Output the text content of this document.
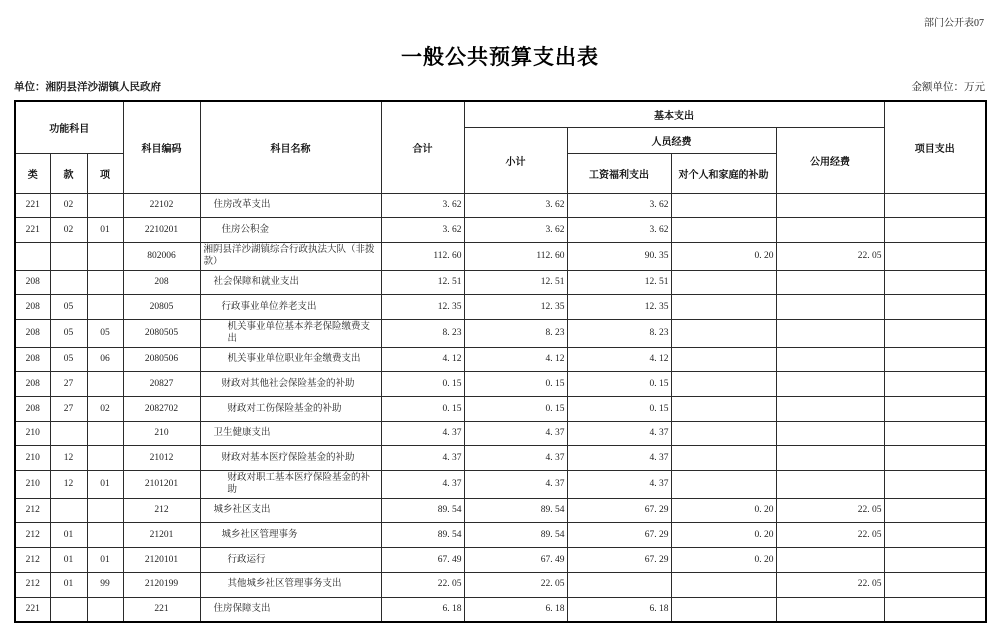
部门公开表07
一般公共预算支出表
单位：湘阴县洋沙湖镇人民政府	金额单位：万元
功能科目			科目编码	科目名称	合计	基本支出				项目支出
						小计	人员经费		公用经费	
类	款	项					工资福利支出	对个人和家庭的补助		
221	02		22102	住房改革支出	3. 62	3. 62	3. 62			
221	02	01	2210201	住房公积金	3. 62	3. 62	3. 62			
			802006	湘阴县洋沙湖镇综合行政执法大队（非拨款）	112. 60	112. 60	90. 35	0. 20	22. 05	
208			208	社会保障和就业支出	12. 51	12. 51	12. 51			
208	05		20805	行政事业单位养老支出	12. 35	12. 35	12. 35			
208	05	05	2080505	机关事业单位基本养老保险缴费支出	8. 23	8. 23	8. 23			
208	05	06	2080506	机关事业单位职业年金缴费支出	4. 12	4. 12	4. 12			
208	27		20827	财政对其他社会保险基金的补助	0. 15	0. 15	0. 15			
208	27	02	2082702	财政对工伤保险基金的补助	0. 15	0. 15	0. 15			
210			210	卫生健康支出	4. 37	4. 37	4. 37			
210	12		21012	财政对基本医疗保险基金的补助	4. 37	4. 37	4. 37			
210	12	01	2101201	财政对职工基本医疗保险基金的补助	4. 37	4. 37	4. 37			
212			212	城乡社区支出	89. 54	89. 54	67. 29	0. 20	22. 05	
212	01		21201	城乡社区管理事务	89. 54	89. 54	67. 29	0. 20	22. 05	
212	01	01	2120101	行政运行	67. 49	67. 49	67. 29	0. 20		
212	01	99	2120199	其他城乡社区管理事务支出	22. 05	22. 05			22. 05	
221			221	住房保障支出	6. 18	6. 18	6. 18			
